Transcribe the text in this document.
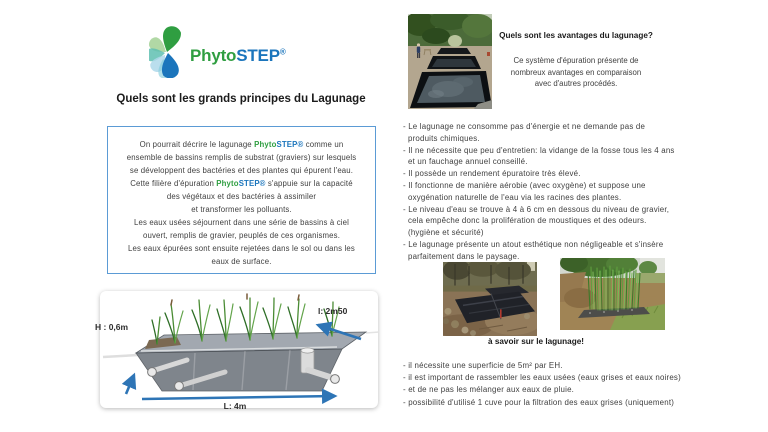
PhytoSTEP®
Quels sont les grands principes du Lagunage
On pourrait décrire le lagunage PhytoSTEP® comme un
ensemble de bassins remplis de substrat (graviers) sur lesquels
se développent des bactéries et des plantes qui épurent l'eau.
Cette filière d'épuration PhytoSTEP® s'appuie sur la capacité
des végétaux et des bactéries à assimiler
et transformer les polluants.
Les eaux usées séjournent dans une série de bassins à ciel
ouvert, remplis de gravier, peuplés de ces organismes.
Les eaux épurées sont ensuite rejetées dans le sol ou dans les
eaux de surface.
H : 0,6m
l: 2m50
L: 4m
Quels sont les avantages du lagunage?
Ce système d'épuration présente de
nombreux avantages en comparaison
avec d'autres procédés.
- Le lagunage ne consomme pas d'énergie et ne demande pas de
produits chimiques.
- Il ne nécessite que peu d'entretien: la vidange de la fosse tous les 4 ans
et un fauchage annuel conseillé.
- Il possède un rendement épuratoire très élevé.
- Il fonctionne de manière aérobie (avec oxygène) et suppose une
oxygénation naturelle de l'eau via les racines des plantes.
- Le niveau d'eau se trouve à 4 à 6 cm en dessous du niveau de gravier,
cela empêche donc la prolifération de moustiques et des odeurs.
(hygiène et sécurité)
- Le lagunage présente un atout esthétique non négligeable et s'insère
parfaitement dans le paysage.
à savoir sur le lagunage!
- il nécessite une superficie de 5m² par EH.
- il est important de rassembler les eaux usées (eaux grises et eaux noires)
- et de ne pas les mélanger aux eaux de pluie.
- possibilité d'utilisé 1 cuve pour la filtration des eaux grises (uniquement)
